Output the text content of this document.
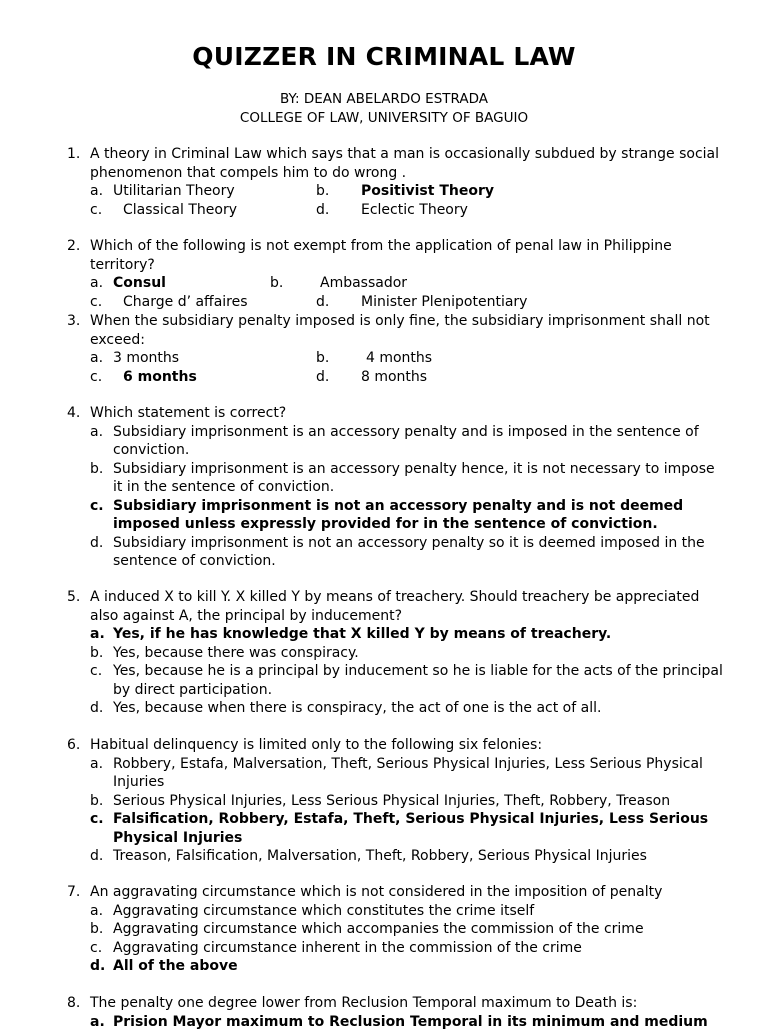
QUIZZER IN CRIMINAL LAW
BY: DEAN ABELARDO ESTRADA
COLLEGE OF LAW, UNIVERSITY OF BAGUIO
1. A theory in Criminal Law which says that a man is occasionally subdued by strange social phenomenon that compels him to do wrong .
a. Utilitarian Theory	b. Positivist Theory
c. Classical Theory	d. Eclectic Theory
2. Which of the following is not exempt from the application of penal law in Philippine territory?
a. Consul	b.	Ambassador
c. Charge d’ affaires	d. Minister Plenipotentiary
3. When the subsidiary penalty imposed is only fine, the subsidiary imprisonment shall not exceed:
a. 3 months	b.	4 months
c. 6 months	d. 8 months
4. Which statement is correct?
a. Subsidiary imprisonment is an accessory penalty and is imposed in the sentence of conviction.
b. Subsidiary imprisonment is an accessory penalty hence, it is not necessary to impose it in the sentence of conviction.
c. Subsidiary imprisonment is not an accessory penalty and is not deemed imposed unless expressly provided for in the sentence of conviction.
d. Subsidiary imprisonment is not an accessory penalty so it is deemed imposed in the sentence of conviction.
5. A induced X to kill Y. X killed Y by means of treachery. Should treachery be appreciated also against A, the principal by inducement?
a. Yes, if he has knowledge that X killed Y by means of treachery.
b. Yes, because there was conspiracy.
c. Yes, because he is a principal by inducement so he is liable for the acts of the principal by direct participation.
d. Yes, because when there is conspiracy, the act of one is the act of all.
6. Habitual delinquency is limited only to the following six felonies:
a. Robbery, Estafa, Malversation, Theft, Serious Physical Injuries, Less Serious Physical Injuries
b. Serious Physical Injuries, Less Serious Physical Injuries, Theft, Robbery, Treason
c. Falsification, Robbery, Estafa, Theft, Serious Physical Injuries, Less Serious Physical Injuries
d. Treason, Falsification, Malversation, Theft, Robbery, Serious Physical Injuries
7. An aggravating circumstance which is not considered in the imposition of penalty
a. Aggravating circumstance which constitutes the crime itself
b. Aggravating circumstance which accompanies the commission of the crime
c. Aggravating circumstance inherent in the commission of the crime
d. All of the above
8. The penalty one degree lower from Reclusion Temporal maximum to Death is:
a. Prision Mayor maximum to Reclusion Temporal in its minimum and medium
